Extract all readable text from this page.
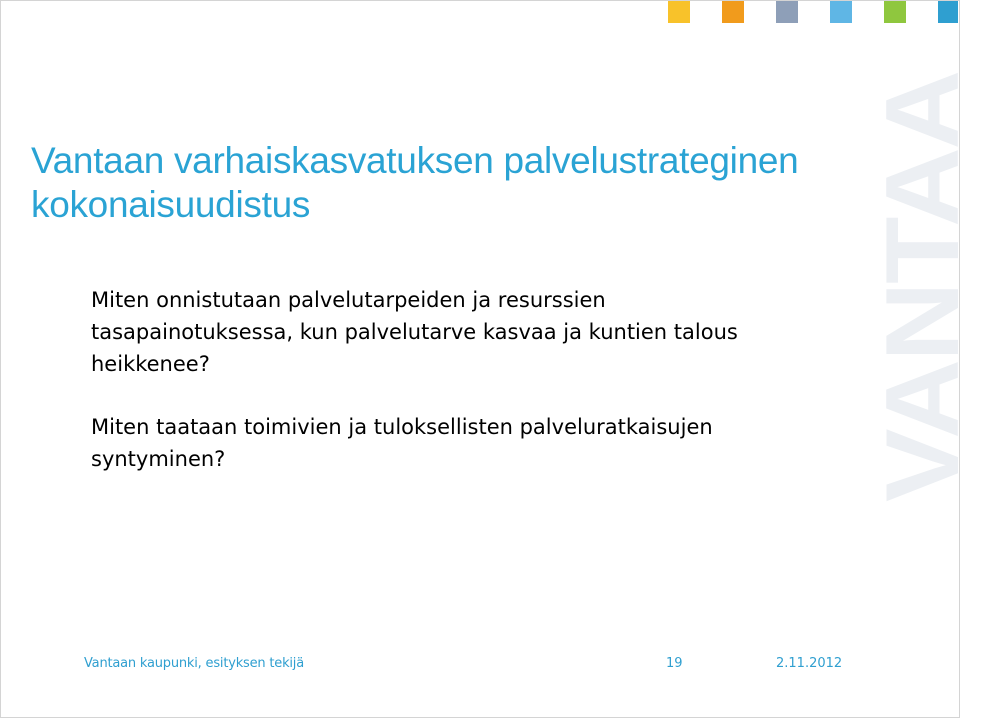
VANTAA
Vantaan varhaiskasvatuksen palvelustrateginen
kokonaisuudistus

Miten onnistutaan palvelutarpeiden ja resurssien
tasapainotuksessa, kun palvelutarve kasvaa ja kuntien talous
heikkenee?

Miten taataan toimivien ja tuloksellisten palveluratkaisujen
syntyminen?

Vantaan kaupunki, esityksen tekijä	19	2.11.2012
